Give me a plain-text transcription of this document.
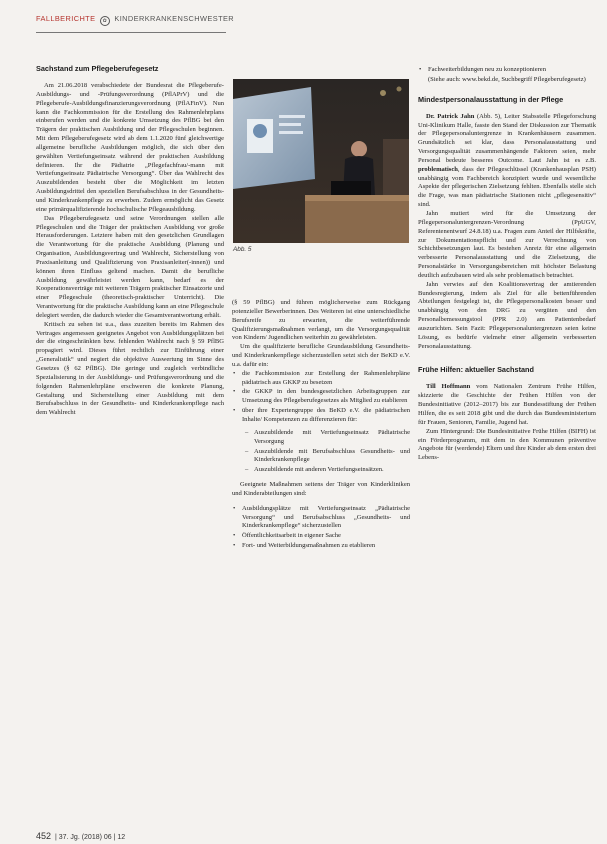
FALLBERICHTE ✿ KINDERKRANKENSCHWESTER
Sachstand zum Pflegeberufegesetz

Am 21.06.2018 verabschiedete der Bundesrat die Pflegeberufe-Ausbildungs- und -Prüfungsverordnung (PflAPrV) und die Pflegeberufe-Ausbildungsfinanzierungsverordnung (PflAFinV). Nun kann die Fachkommission für die Erstellung des Rahmenlehrplans einberufen werden und die konkrete Umsetzung des PflBG bei den Trägern der praktischen Ausbildung und der Pflegeschulen beginnen. Mit dem Pflegeberufegesetz wird ab dem 1.1.2020 fünf gleichwertige allgemeine berufliche Ausbildungen möglich, die sich über den gewählten Vertiefungseinsatz während der praktischen Ausbildung definieren. Ihr die Pädiatrie „Pflegefachfrau/-mann mit Vertiefungseinsatz Pädiatrische Versorgung“. Über das Wahlrecht des Auszubildenden besteht über die Möglichkeit im letzten Ausbildungsdrittel den speziellen Berufsabschluss in der Gesundheits- und Kinderkrankenpflege zu erwerben. Zudem ermöglicht das Gesetz eine primärqualifizierende hochschulische Pflegeausbildung.

Das Pflegeberufegesetz und seine Verordnungen stellen alle Pflegeschulen und die Träger der praktischen Ausbildung vor große Herausforderungen. Letztere haben mit den gesetzlichen Grundlagen die Verantwortung für die praktische Ausbildung (Planung und Organisation, Ausbildungsvertrag und Wahlrecht, Sicherstellung von Praxisanleitung und Qualifizierung von Praxisanleiter(-innen)) und können ihren Einfluss geltend machen. Damit die berufliche Ausbildung gewährleistet werden kann, bedarf es der Kooperationsverträge mit weiteren Trägern praktischer Einsatzorte und einer Pflegeschule (theoretisch-praktischer Unterricht). Die Verantwortung für die praktische Ausbildung kann an eine Pflegeschule delegiert werden, die dadurch wieder die Gesamtverantwortung erhält.

Kritisch zu sehen ist u.a., dass zuzeiten bereits im Rahmen des Vertrages angemessen geeignetes Angebot von Ausbildungsplätzen bei der die eingeschränkten bzw. fehlenden Wahlrecht nach § 59 PflBG propagiert wird. Dieses führt rechtlich zur Einführung einer „Generalistik“ und negiert die objektive Auswertung im Sinne des Gesetzes (§ 62 PflBG). Die geringe und zugleich verbindliche Spezialisierung in der Ausbildungs- und Prüfungsverordnung und die folgenden Rahmenlehrpläne erschweren die konkrete Planung, Gestaltung und Sicherstellung einer Ausbildung mit dem Berufsabschluss in der Gesundheits- und Kinderkrankenpflege nach dem Wahlrecht

Abb. 5

(§ 59 PflBG) und führen möglicherweise zum Rückgang potenzieller Bewerberinnen. Des Weiteren ist eine unterschiedliche Berufsreife zu erwarten, die weiterführende Qualifizierungsmaßnahmen verlangt, um die Versorgungsqualität von Kindern/ Jugendlichen weiterhin zu gewährleisten.

Um die qualifizierte berufliche Grundausbildung Gesundheits- und Kinderkrankenpflege sicherzustellen setzt sich der BeKD e.V. u.a. dafür ein:

• die Fachkommission zur Erstellung der Rahmenlehrpläne pädiatrisch aus GKKP zu besetzen
• die GKKP in den bundesgesetzlichen Arbeitsgruppen zur Umsetzung des Pflegeberufegesetzes als Mitglied zu etablieren
• über ihre Expertengruppe des BeKD e.V. die pädiatrischen Inhalte/ Kompetenzen zu differenzieren für:
– Auszubildende mit Vertiefungseinsatz Pädiatrische Versorgung
– Auszubildende mit Berufsabschluss Gesundheits- und Kinderkrankenpflege
– Auszubildende mit anderen Vertiefungseinsätzen.

Geeignete Maßnahmen seitens der Träger von Kinderkliniken und Kinderabteilungen sind:

• Ausbildungsplätze mit Vertiefungseinsatz „Pädiatrische Versorgung“ und Berufsabschluss „Gesundheits- und Kinderkrankenpflege“ sicherzustellen
• Öffentlichkeitsarbeit in eigener Sache
• Fort- und Weiterbildungsmaßnahmen zu etablieren
• Fachweiterbildungen neu zu konzeptionieren

(Siehe auch: www.bekd.de, Suchbegriff Pflegeberufegesetz)

Mindestpersonalausstattung in der Pflege

Dr. Patrick Jahn (Abb. 5), Leiter Stabsstelle Pflegeforschung Uni-Klinikum Halle, fasste den Stand der Diskussion zur Thematik der Pflegepersonaluntergrenze in Krankenhäusern zusammen. Grundsätzlich sei klar, dass Personalausstattung und Versorgungsqualität zusammenhängende Faktoren seien, mehr Personal bedeute besseres Outcome. Laut Jahn ist es z.B. problematisch, dass der Pflegeschlüssel (Krankenhausplan PSH) unabhängig vom Fachbereich konzipiert wurde und wesentliche Aspekte der pflegerischen Zielsetzung fehlten. Ebenfalls stelle sich die Frage, was man pädiatrische Stationen nicht „pflegesensitiv“ sind.

Jahn mutiert wird für die Umsetzung der Pflegepersonaluntergrenzen-Verordnung (PpUGV, Referentenentwurf 24.8.18) u.a. Fragen zum Anteil der Hilfskräfte, zur Dokumentationspflicht und zur Verrechnung von Schichtbesetzungen laut. Es bestehen Anreiz für eine allgemein verbesserte Personalausstattung und die Zielsetzung, die Personalstärke in Versorgungsbereichen mit höchster Belastung deutlich aufzubauen wird als sehr problematisch betrachtet.

Jahn verwies auf den Koalitionsvertrag der amtierenden Bundesregierung, indem als Ziel für alle bettenführenden Abteilungen festgelegt ist, die Pflegepersonalkosten besser und unabhängig von den DRG zu vergüten und den Personalbemessungstool (PPR 2.0) am Patientenbedarf auszurichten. Sein Fazit: Pflegepersonaluntergrenzen seien keine Lösung, es bedürfe vielmehr einer allgemein verbesserten Personalausstattung.

Frühe Hilfen: aktueller Sachstand

Till Hoffmann vom Nationalen Zentrum Frühe Hilfen, skizzierte die Geschichte der Frühen Hilfen von der Bundesinitiative (2012–2017) bis zur Bundesstiftung der Frühen Hilfen, die es seit 2018 gibt und die durch das Bundesministerium für Frauen, Senioren, Familie, Jugend hat.

Zum Hintergrund: Die Bundesinitiative Frühe Hilfen (BIFH) ist ein Förderprogramm, mit dem in den Kommunen präventive Angebote für (werdende) Eltern und ihre Kinder ab dem ersten drei Lebens-

452 | 37. Jg. (2018) 06 | 12
